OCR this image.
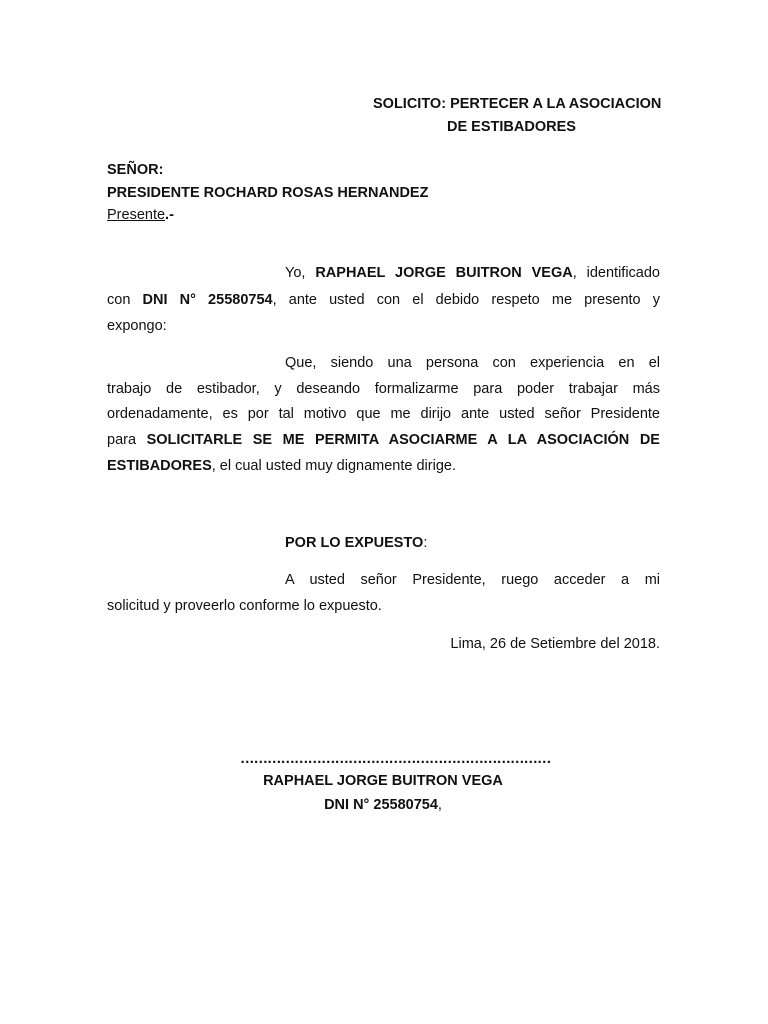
SOLICITO: PERTECER A LA ASOCIACION
DE ESTIBADORES
SEÑOR:
PRESIDENTE ROCHARD ROSAS HERNANDEZ
Presente.-
Yo, RAPHAEL JORGE BUITRON VEGA, identificado
con DNI N° 25580754, ante usted con el debido respeto me presento y
expongo:
Que, siendo una persona con experiencia en el
trabajo de estibador, y deseando formalizarme para poder trabajar más
ordenadamente, es por tal motivo que me dirijo ante usted señor Presidente
para SOLICITARLE SE ME PERMITA ASOCIARME A LA ASOCIACIÓN DE
ESTIBADORES, el cual usted muy dignamente dirige.
POR LO EXPUESTO:
A usted señor Presidente, ruego acceder a mi
solicitud y proveerlo conforme lo expuesto.
Lima, 26 de Setiembre del 2018.
……………………………………………………………
RAPHAEL JORGE BUITRON VEGA
DNI N° 25580754,
